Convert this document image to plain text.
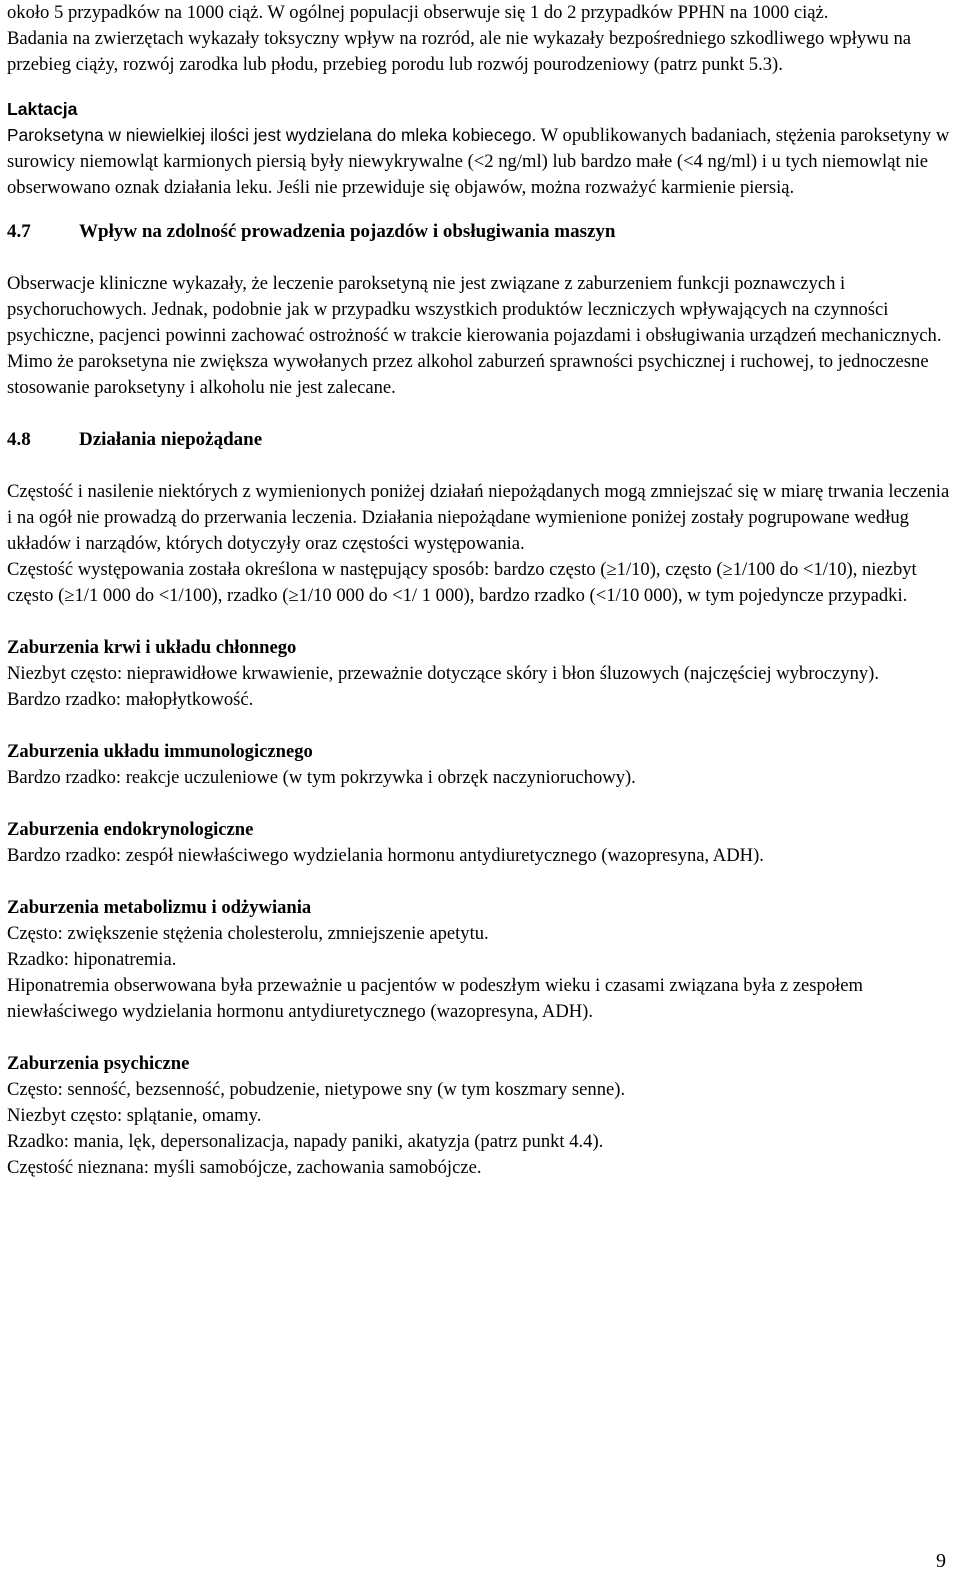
około 5 przypadków na 1000 ciąż. W ogólnej populacji obserwuje się 1 do 2 przypadków PPHN na 1000 ciąż.

Badania na zwierzętach wykazały toksyczny wpływ na rozród, ale nie wykazały bezpośredniego szkodliwego wpływu na przebieg ciąży, rozwój zarodka lub płodu, przebieg porodu lub rozwój pourodzeniowy (patrz punkt 5.3).

Laktacja

Paroksetyna w niewielkiej ilości jest wydzielana do mleka kobiecego. W opublikowanych badaniach, stężenia paroksetyny w surowicy niemowląt karmionych piersią były niewykrywalne (<2 ng/ml) lub bardzo małe (<4 ng/ml) i u tych niemowląt nie obserwowano oznak działania leku. Jeśli nie przewiduje się objawów, można rozważyć karmienie piersią.

4.7	Wpływ na zdolność prowadzenia pojazdów i obsługiwania maszyn

Obserwacje kliniczne wykazały, że leczenie paroksetyną nie jest związane z zaburzeniem funkcji poznawczych i psychoruchowych. Jednak, podobnie jak w przypadku wszystkich produktów leczniczych wpływających na czynności psychiczne, pacjenci powinni zachować ostrożność w trakcie kierowania pojazdami i obsługiwania urządzeń mechanicznych.

Mimo że paroksetyna nie zwiększa wywołanych przez alkohol zaburzeń sprawności psychicznej i ruchowej, to jednoczesne stosowanie paroksetyny i alkoholu nie jest zalecane.

4.8	Działania niepożądane

Częstość i nasilenie niektórych z wymienionych poniżej działań niepożądanych mogą zmniejszać się w miarę trwania leczenia i na ogół nie prowadzą do przerwania leczenia. Działania niepożądane wymienione poniżej zostały pogrupowane według układów i narządów, których dotyczyły oraz częstości występowania.

Częstość występowania została określona w następujący sposób: bardzo często (≥1/10), często (≥1/100 do <1/10), niezbyt często (≥1/1 000 do <1/100), rzadko (≥1/10 000 do <1/ 1 000), bardzo rzadko (<1/10 000), w tym pojedyncze przypadki.

Zaburzenia krwi i układu chłonnego

Niezbyt często: nieprawidłowe krwawienie, przeważnie dotyczące skóry i błon śluzowych (najczęściej wybroczyny).

Bardzo rzadko: małopłytkowość.

Zaburzenia układu immunologicznego

Bardzo rzadko: reakcje uczuleniowe (w tym pokrzywka i obrzęk naczynioruchowy).

Zaburzenia endokrynologiczne

Bardzo rzadko: zespół niewłaściwego wydzielania hormonu antydiuretycznego (wazopresyna, ADH).

Zaburzenia metabolizmu i odżywiania

Często: zwiększenie stężenia cholesterolu, zmniejszenie apetytu.

Rzadko: hiponatremia.

Hiponatremia obserwowana była przeważnie u pacjentów w podeszłym wieku i czasami związana była z zespołem niewłaściwego wydzielania hormonu antydiuretycznego (wazopresyna, ADH).

Zaburzenia psychiczne

Często: senność, bezsenność, pobudzenie, nietypowe sny (w tym koszmary senne).

Niezbyt często: splątanie, omamy.

Rzadko: mania, lęk, depersonalizacja, napady paniki, akatyzja (patrz punkt 4.4).

Częstość nieznana: myśli samobójcze, zachowania samobójcze.

9
